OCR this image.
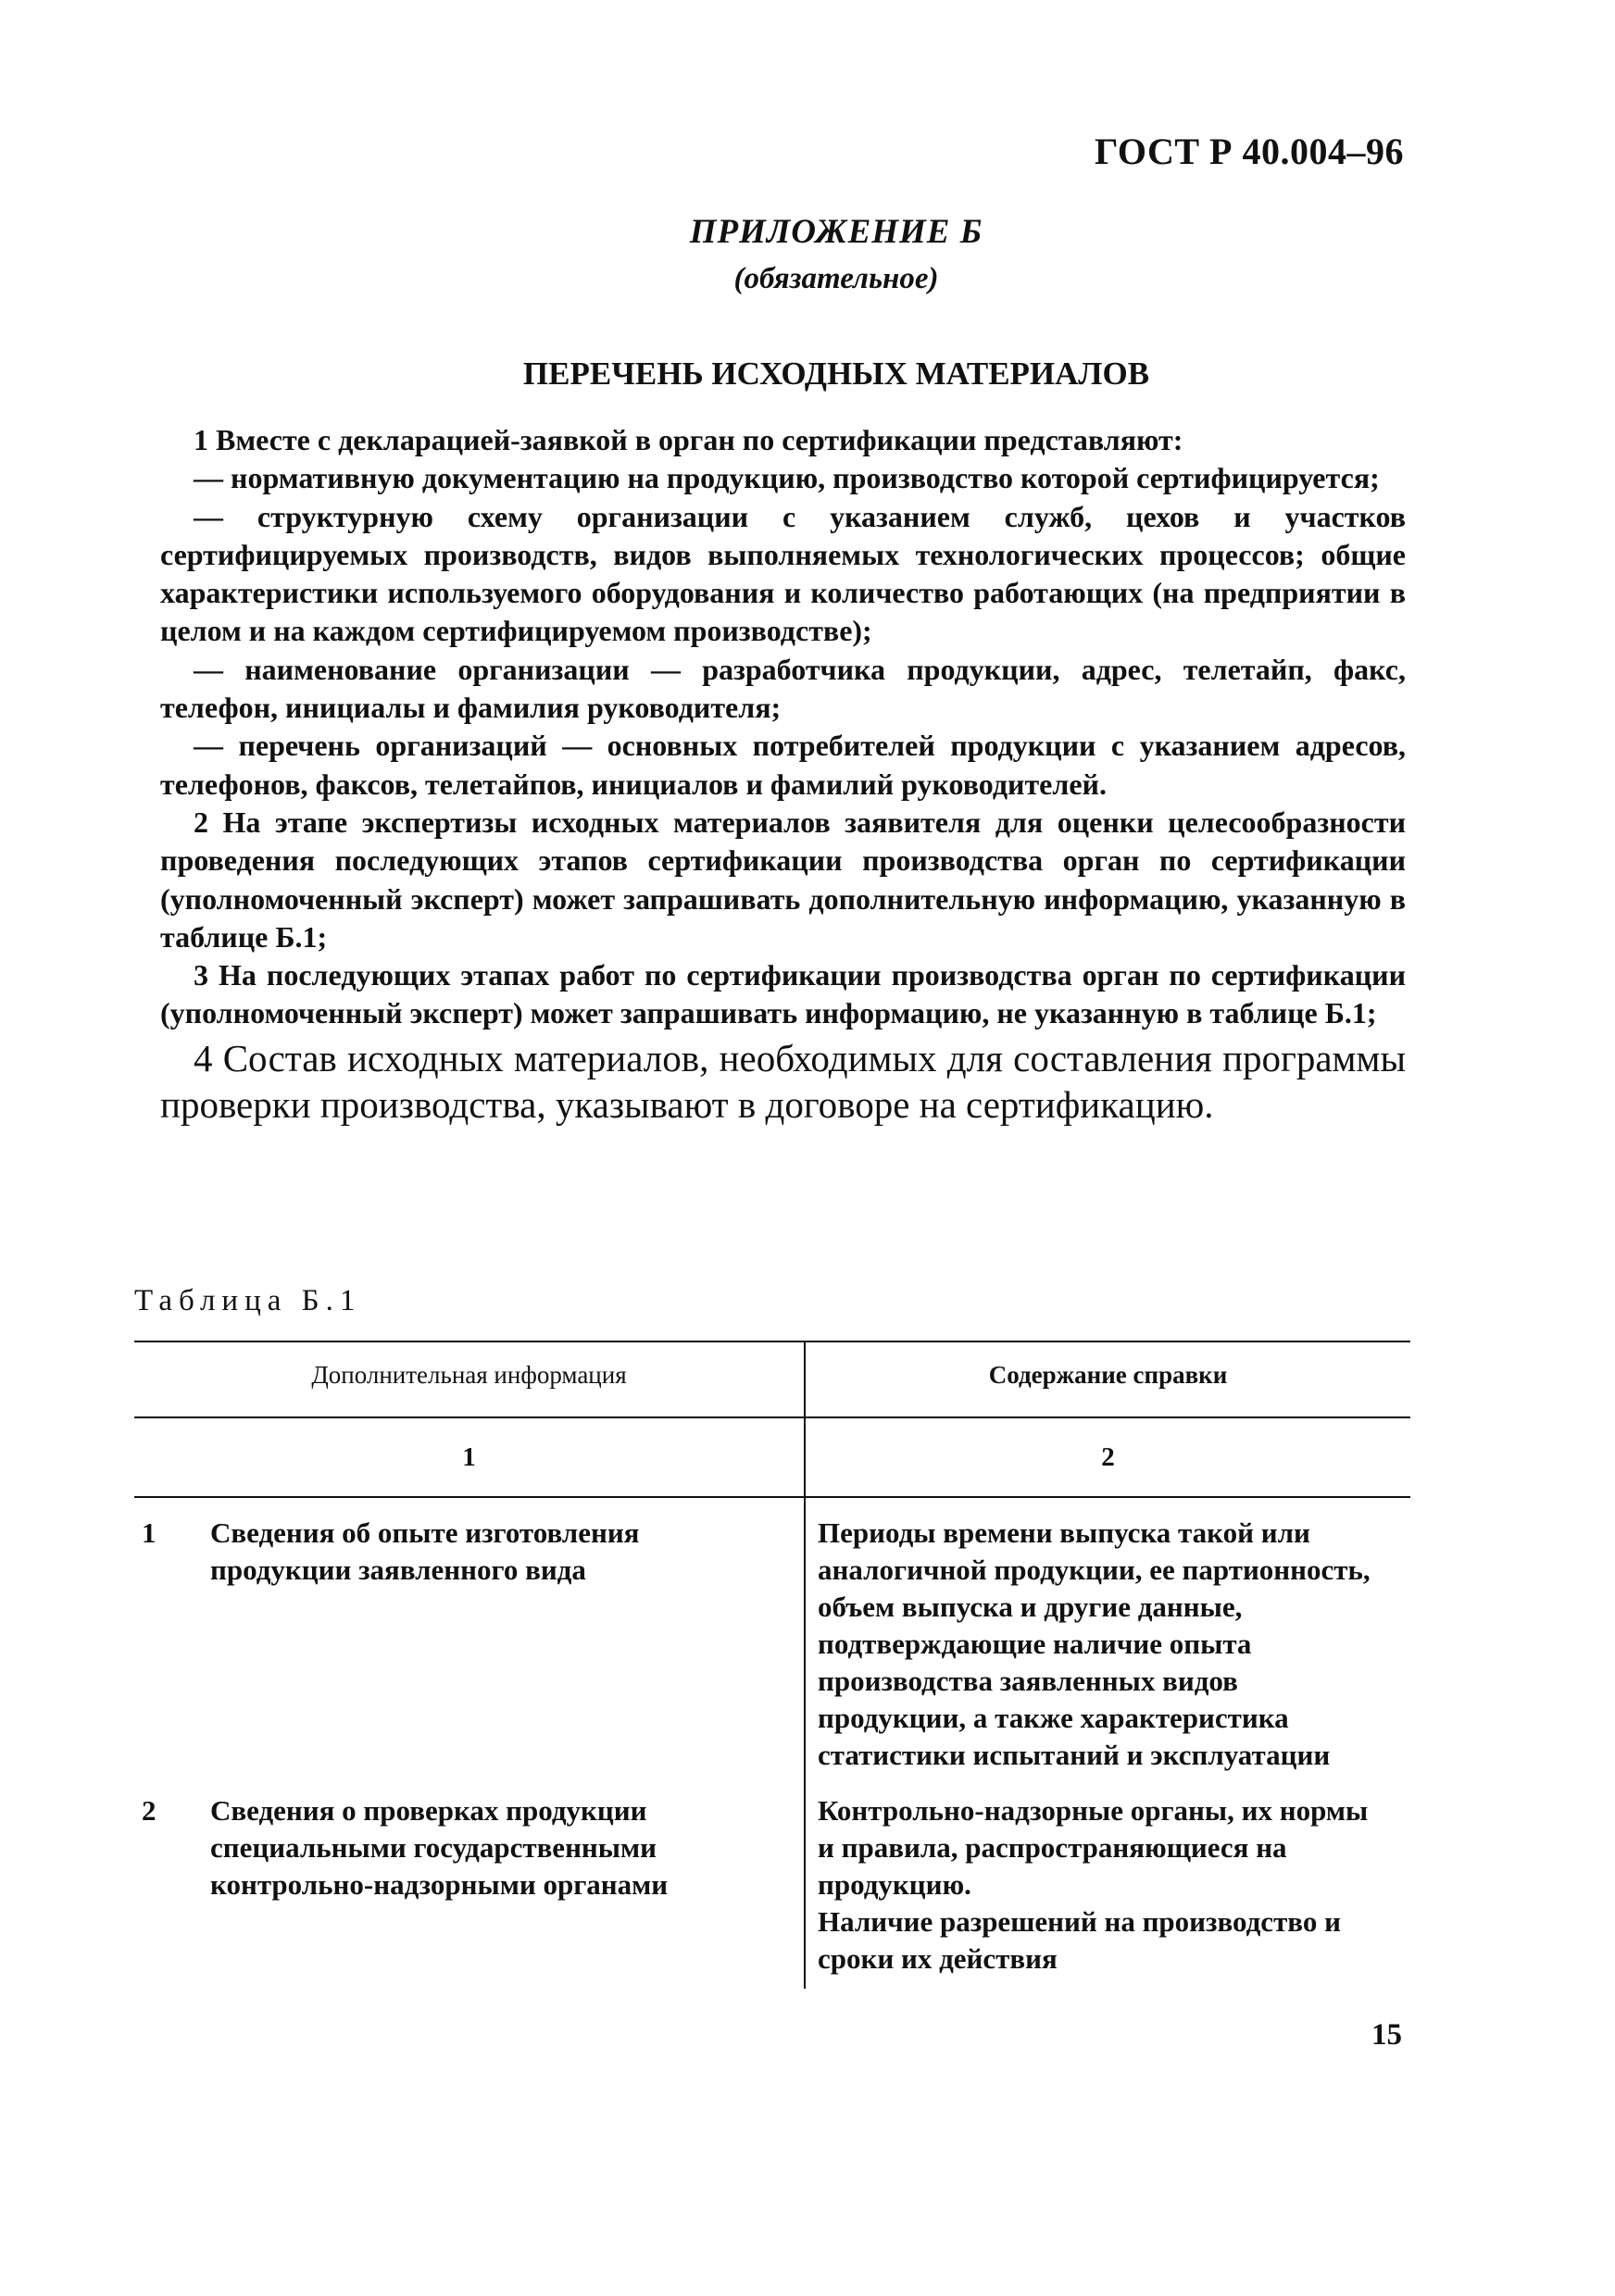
ГОСТ Р 40.004–96
ПРИЛОЖЕНИЕ Б
(обязательное)
ПЕРЕЧЕНЬ ИСХОДНЫХ МАТЕРИАЛОВ

1 Вместе с декларацией-заявкой в орган по сертификации представляют:

— нормативную документацию на продукцию, производство которой сертифицируется;

— структурную схему организации с указанием служб, цехов и участков сертифицируемых производств, видов выполняемых технологических процессов; общие характеристики используемого оборудования и количество работающих (на предприятии в целом и на каждом сертифицируемом производстве);

— наименование организации — разработчика продукции, адрес, телетайп, факс, телефон, инициалы и фамилия руководителя;

— перечень организаций — основных потребителей продукции с указанием адресов, телефонов, факсов, телетайпов, инициалов и фамилий руководителей.

2 На этапе экспертизы исходных материалов заявителя для оценки целесообразности проведения последующих этапов сертификации производства орган по сертификации (уполномоченный эксперт) может запрашивать дополнительную информацию, указанную в таблице Б.1;

3 На последующих этапах работ по сертификации производства орган по сертификации (уполномоченный эксперт) может запрашивать информацию, не указанную в таблице Б.1;

4 Состав исходных материалов, необходимых для составления программы проверки производства, указывают в договоре на сертификацию.

Таблица Б.1
Дополнительная информация	Содержание справки
1	2
1 Сведения об опыте изготовления продукции заявленного вида
Периоды времени выпуска такой или аналогичной продукции, ее партионность, объем выпуска и другие данные, подтверждающие наличие опыта производства заявленных видов продукции, а также характеристика статистики испытаний и эксплуатации
2 Сведения о проверках продукции специальными государственными контрольно-надзорными органами
Контрольно-надзорные органы, их нормы и правила, распространяющиеся на продукцию.
Наличие разрешений на производство и сроки их действия
15
